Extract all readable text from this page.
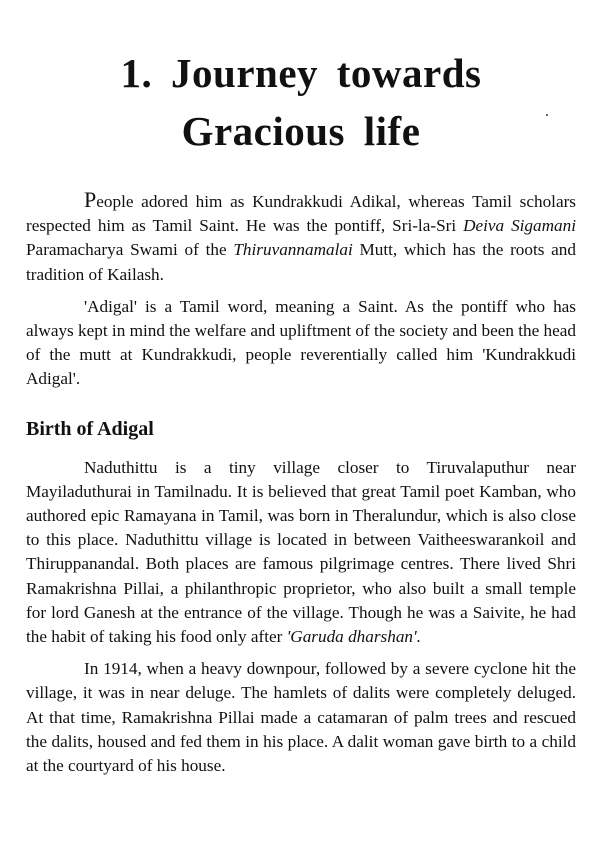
1. Journey towards
Gracious life

People adored him as Kundrakkudi Adikal, whereas Tamil scholars respected him as Tamil Saint. He was the pontiff, Sri-la-Sri Deiva Sigamani Paramacharya Swami of the Thiruvannamalai Mutt, which has the roots and tradition of Kailash.

'Adigal' is a Tamil word, meaning a Saint. As the pontiff who has always kept in mind the welfare and upliftment of the society and been the head of the mutt at Kundrakkudi, people reverentially called him 'Kundrakkudi Adigal'.

Birth of Adigal

Naduthittu is a tiny village closer to Tiruvalaputhur near Mayiladuthurai in Tamilnadu. It is believed that great Tamil poet Kamban, who authored epic Ramayana in Tamil, was born in Theralundur, which is also close to this place. Naduthittu village is located in between Vaitheeswarankoil and Thiruppanandal. Both places are famous pilgrimage centres. There lived Shri Ramakrishna Pillai, a philanthropic proprietor, who also built a small temple for lord Ganesh at the entrance of the village. Though he was a Saivite, he had the habit of taking his food only after 'Garuda dharshan'.

In 1914, when a heavy downpour, followed by a severe cyclone hit the village, it was in near deluge. The hamlets of dalits were completely deluged. At that time, Ramakrishna Pillai made a catamaran of palm trees and rescued the dalits, housed and fed them in his place. A dalit woman gave birth to a child at the courtyard of his house.
